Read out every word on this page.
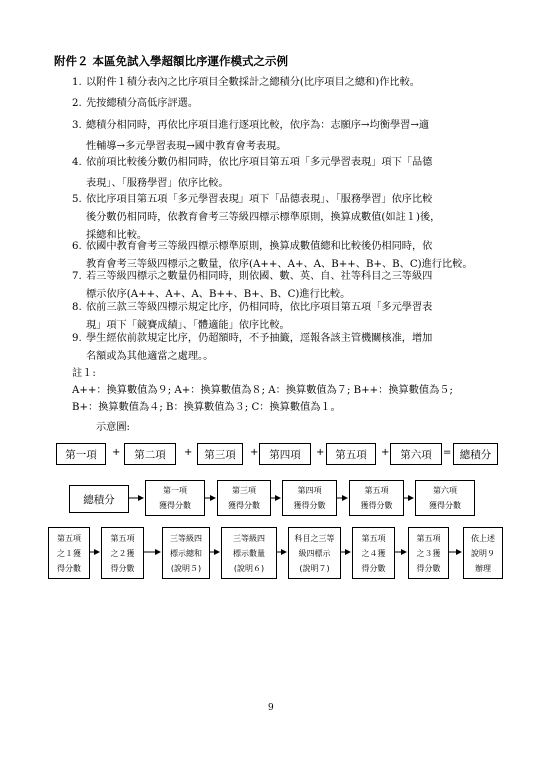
附件２ 本區免試入學超額比序運作模式之示例
1. 以附件１積分表內之比序項目全數採計之總積分(比序項目之總和)作比較。
2. 先按總積分高低序評選。
3. 總積分相同時，再依比序項目進行逐項比較，依序為：志願序→均衡學習→適
性輔導→多元學習表現→國中教育會考表現。
4. 依前項比較後分數仍相同時，依比序項目第五項「多元學習表現」項下「品德
表現」、「服務學習」依序比較。
5. 依比序項目第五項「多元學習表現」項下「品德表現」、「服務學習」依序比較
後分數仍相同時，依教育會考三等級四標示標準原則，換算成數值(如註１)後，
採總和比較。
6. 依國中教育會考三等級四標示標準原則，換算成數值總和比較後仍相同時，依
教育會考三等級四標示之數量，依序(A++、A+、A、B++、B+、B、C)進行比較。
7. 若三等級四標示之數量仍相同時，則依國、數、英、自、社等科目之三等級四
標示依序(A++、A+、A、B++、B+、B、C)進行比較。
8. 依前三款三等級四標示規定比序，仍相同時，依比序項目第五項「多元學習表
現」項下「競賽成績」、「體適能」依序比較。
9. 學生經依前款規定比序，仍超額時，不予抽籤，逕報各該主管機關核准，增加
名額或為其他適當之處理。。
註１:
A++：換算數值為９; A+：換算數值為８; A：換算數值為７; B++：換算數值為５;
B+：換算數值為４; B：換算數值為３; C：換算數值為１。
示意圖:
第一項	+	第二項	+	第三項	+	第四項	+	第五項	+	第六項	= 總積分
總積分
第一項
獲得分數
第三項
獲得分數
第四項
獲得分數
第五項
獲得分數
第六項
獲得分數
第五項
之１獲
得分數
第五項
之２獲
得分數
三等級四
標示總和
(說明５)
三等級四
標示數量
(說明６)
科目之三等
級四標示
(說明７)
第五項
之４獲
得分數
第五項
之３獲
得分數
依上述
說明９
辦理
9
